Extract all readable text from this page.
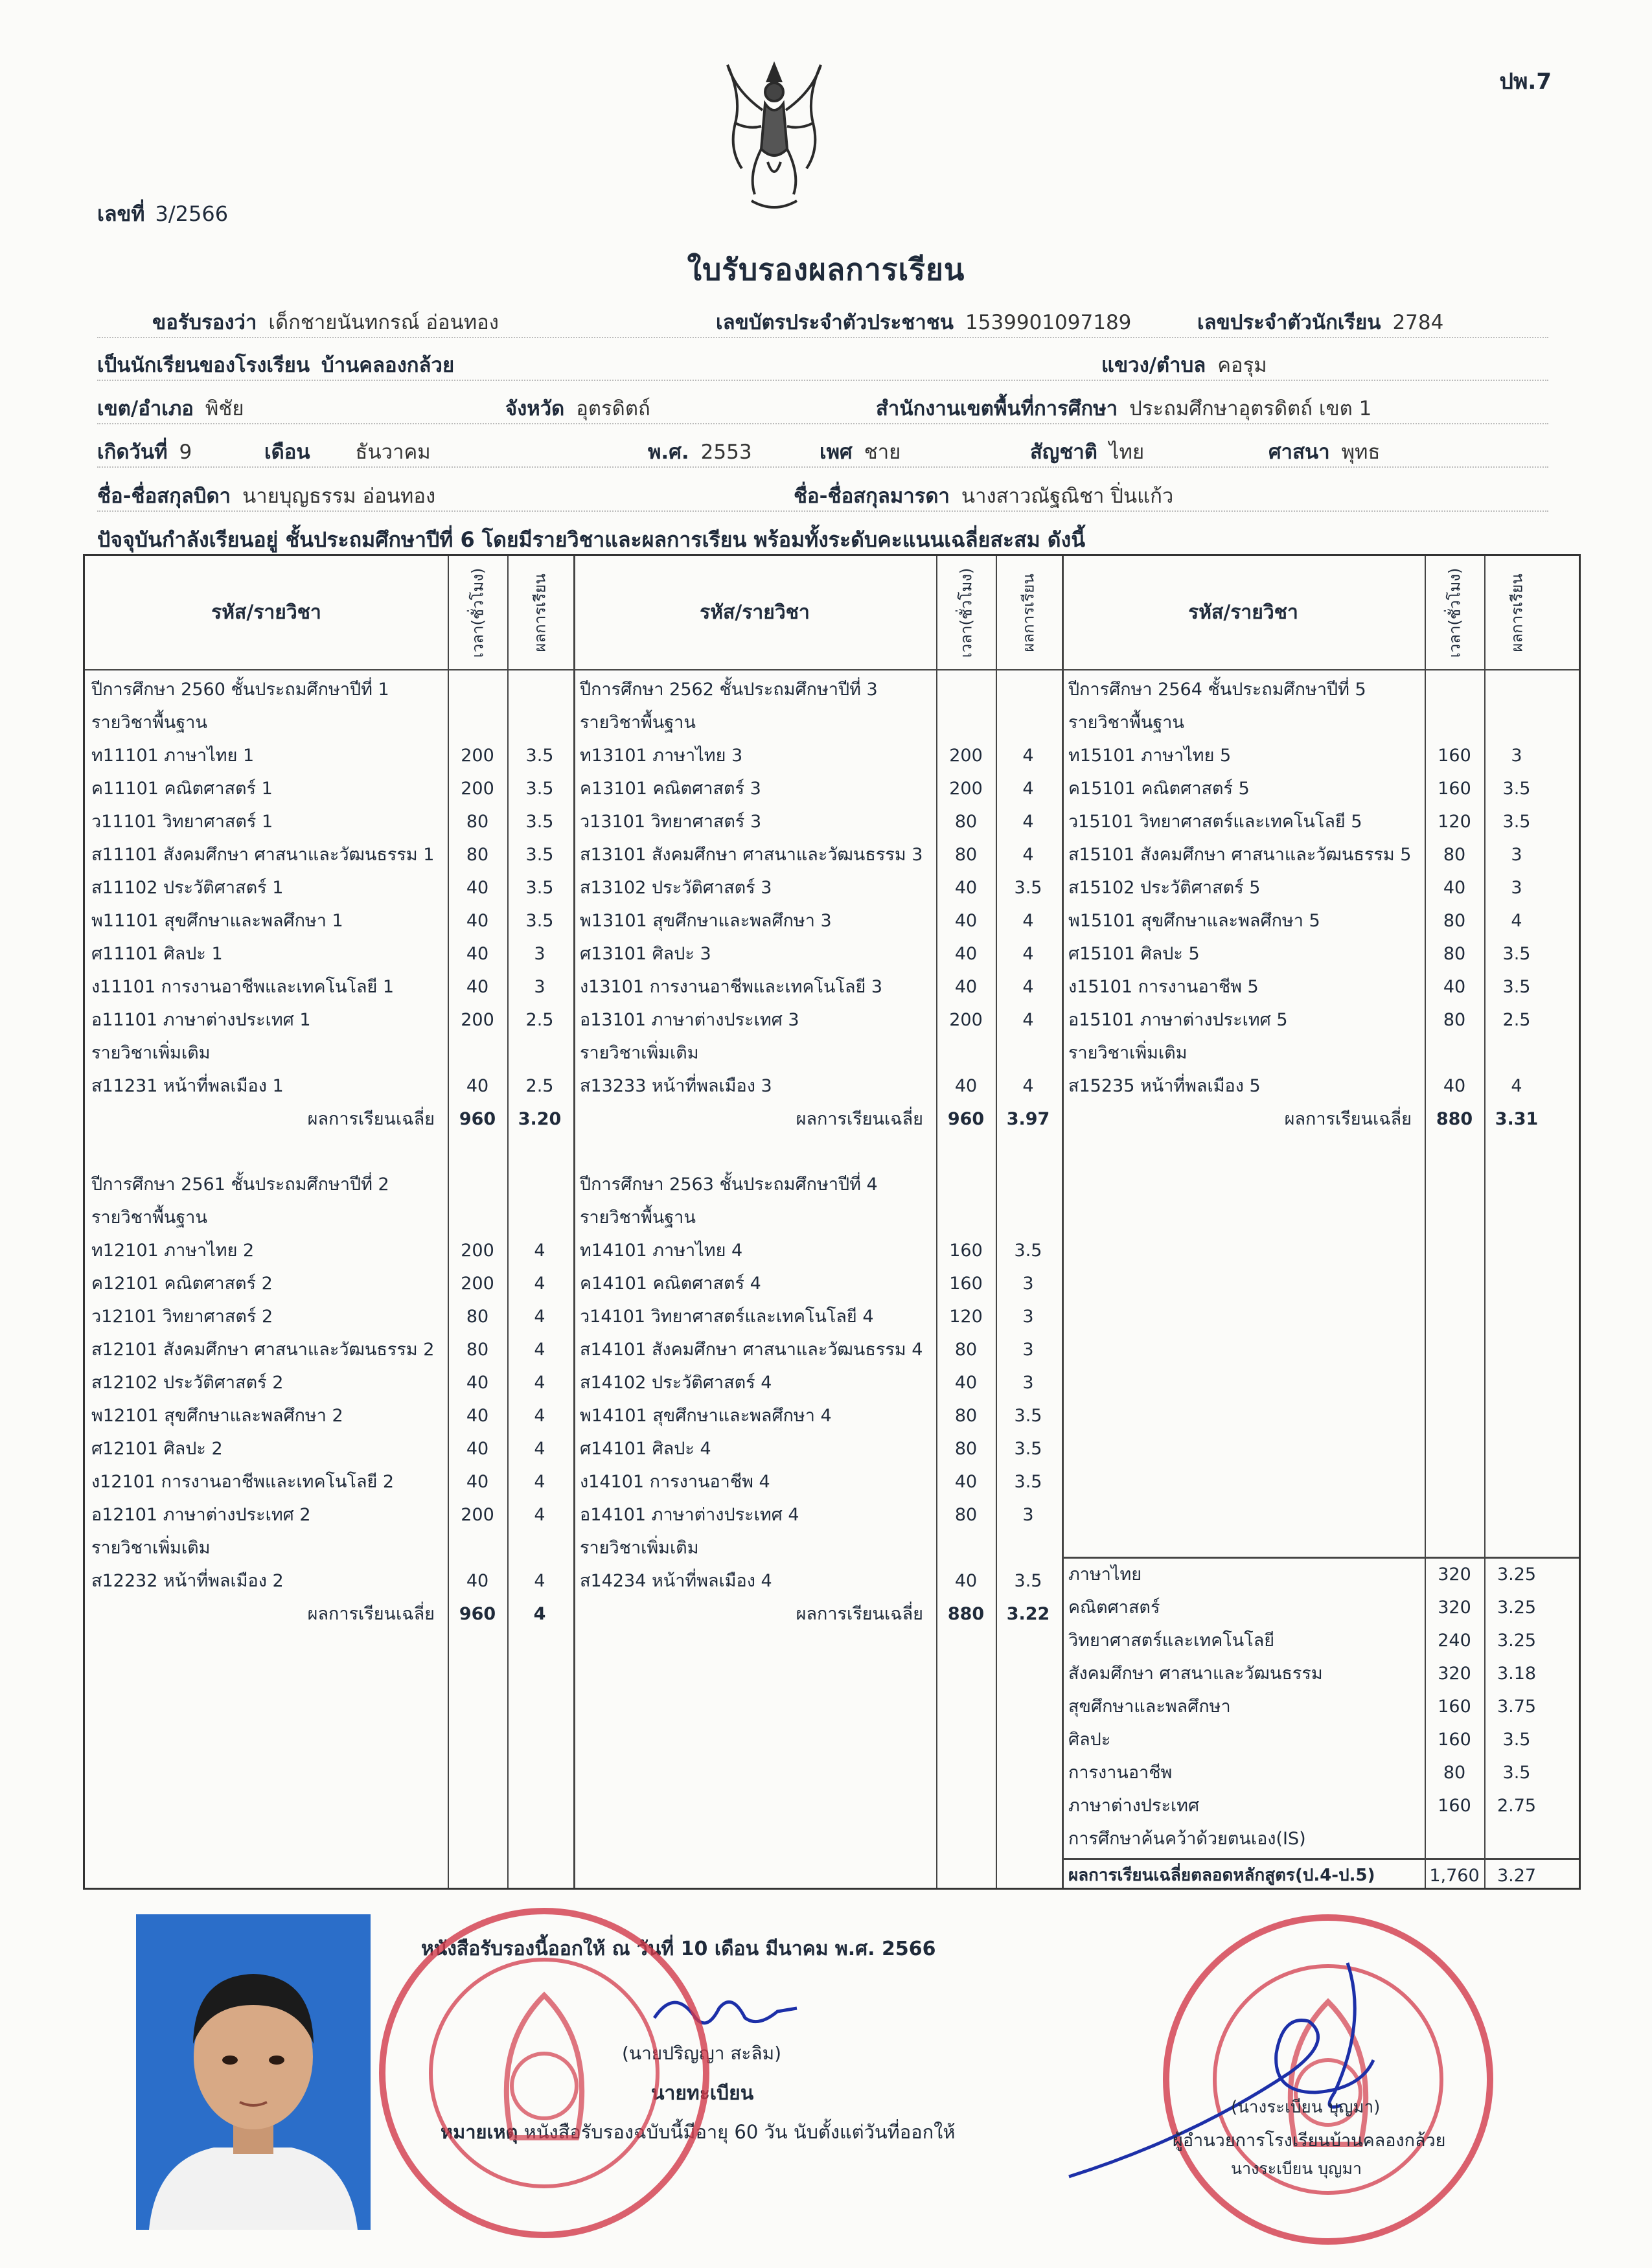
ปพ.7
เลขที่ 3/2566
ใบรับรองผลการเรียน
ขอรับรองว่า เด็กชายนันทกรณ์ อ่อนทอง	เลขบัตรประจำตัวประชาชน 1539901097189	เลขประจำตัวนักเรียน 2784
เป็นนักเรียนของโรงเรียน บ้านคลองกล้วย	แขวง/ตำบล คอรุม
เขต/อำเภอ พิชัย	จังหวัด อุตรดิตถ์	สำนักงานเขตพื้นที่การศึกษา ประถมศึกษาอุตรดิตถ์ เขต 1
เกิดวันที่ 9	เดือน ธันวาคม	พ.ศ. 2553	เพศ ชาย	สัญชาติ ไทย	ศาสนา พุทธ
ชื่อ-ชื่อสกุลบิดา นายบุญธรรม อ่อนทอง	ชื่อ-ชื่อสกุลมารดา นางสาวณัฐณิชา ปิ่นแก้ว
ปัจจุบันกำลังเรียนอยู่ ชั้นประถมศึกษาปีที่ 6 โดยมีรายวิชาและผลการเรียน พร้อมทั้งระดับคะแนนเฉลี่ยสะสม ดังนี้
รหัส/รายวิชา	เวลา(ชั่วโมง)	ผลการเรียน
ปีการศึกษา 2560 ชั้นประถมศึกษาปีที่ 1
รายวิชาพื้นฐาน
ท11101 ภาษาไทย 1	200	3.5
ค11101 คณิตศาสตร์ 1	200	3.5
ว11101 วิทยาศาสตร์ 1	80	3.5
ส11101 สังคมศึกษา ศาสนาและวัฒนธรรม 1	80	3.5
ส11102 ประวัติศาสตร์ 1	40	3.5
พ11101 สุขศึกษาและพลศึกษา 1	40	3.5
ศ11101 ศิลปะ 1	40	3
ง11101 การงานอาชีพและเทคโนโลยี 1	40	3
อ11101 ภาษาต่างประเทศ 1	200	2.5
รายวิชาเพิ่มเติม
ส11231 หน้าที่พลเมือง 1	40	2.5
ผลการเรียนเฉลี่ย	960	3.20
ปีการศึกษา 2561 ชั้นประถมศึกษาปีที่ 2
รายวิชาพื้นฐาน
ท12101 ภาษาไทย 2	200	4
ค12101 คณิตศาสตร์ 2	200	4
ว12101 วิทยาศาสตร์ 2	80	4
ส12101 สังคมศึกษา ศาสนาและวัฒนธรรม 2	80	4
ส12102 ประวัติศาสตร์ 2	40	4
พ12101 สุขศึกษาและพลศึกษา 2	40	4
ศ12101 ศิลปะ 2	40	4
ง12101 การงานอาชีพและเทคโนโลยี 2	40	4
อ12101 ภาษาต่างประเทศ 2	200	4
รายวิชาเพิ่มเติม
ส12232 หน้าที่พลเมือง 2	40	4
ผลการเรียนเฉลี่ย	960	4
รหัส/รายวิชา	เวลา(ชั่วโมง)	ผลการเรียน
ปีการศึกษา 2562 ชั้นประถมศึกษาปีที่ 3
รายวิชาพื้นฐาน
ท13101 ภาษาไทย 3	200	4
ค13101 คณิตศาสตร์ 3	200	4
ว13101 วิทยาศาสตร์ 3	80	4
ส13101 สังคมศึกษา ศาสนาและวัฒนธรรม 3	80	4
ส13102 ประวัติศาสตร์ 3	40	3.5
พ13101 สุขศึกษาและพลศึกษา 3	40	4
ศ13101 ศิลปะ 3	40	4
ง13101 การงานอาชีพและเทคโนโลยี 3	40	4
อ13101 ภาษาต่างประเทศ 3	200	4
รายวิชาเพิ่มเติม
ส13233 หน้าที่พลเมือง 3	40	4
ผลการเรียนเฉลี่ย	960	3.97
ปีการศึกษา 2563 ชั้นประถมศึกษาปีที่ 4
รายวิชาพื้นฐาน
ท14101 ภาษาไทย 4	160	3.5
ค14101 คณิตศาสตร์ 4	160	3
ว14101 วิทยาศาสตร์และเทคโนโลยี 4	120	3
ส14101 สังคมศึกษา ศาสนาและวัฒนธรรม 4	80	3
ส14102 ประวัติศาสตร์ 4	40	3
พ14101 สุขศึกษาและพลศึกษา 4	80	3.5
ศ14101 ศิลปะ 4	80	3.5
ง14101 การงานอาชีพ 4	40	3.5
อ14101 ภาษาต่างประเทศ 4	80	3
รายวิชาเพิ่มเติม
ส14234 หน้าที่พลเมือง 4	40	3.5
ผลการเรียนเฉลี่ย	880	3.22
รหัส/รายวิชา	เวลา(ชั่วโมง)	ผลการเรียน
ปีการศึกษา 2564 ชั้นประถมศึกษาปีที่ 5
รายวิชาพื้นฐาน
ท15101 ภาษาไทย 5	160	3
ค15101 คณิตศาสตร์ 5	160	3.5
ว15101 วิทยาศาสตร์และเทคโนโลยี 5	120	3.5
ส15101 สังคมศึกษา ศาสนาและวัฒนธรรม 5	80	3
ส15102 ประวัติศาสตร์ 5	40	3
พ15101 สุขศึกษาและพลศึกษา 5	80	4
ศ15101 ศิลปะ 5	80	3.5
ง15101 การงานอาชีพ 5	40	3.5
อ15101 ภาษาต่างประเทศ 5	80	2.5
รายวิชาเพิ่มเติม
ส15235 หน้าที่พลเมือง 5	40	4
ผลการเรียนเฉลี่ย	880	3.31
ภาษาไทย	320	3.25
คณิตศาสตร์	320	3.25
วิทยาศาสตร์และเทคโนโลยี	240	3.25
สังคมศึกษา ศาสนาและวัฒนธรรม	320	3.18
สุขศึกษาและพลศึกษา	160	3.75
ศิลปะ	160	3.5
การงานอาชีพ	80	3.5
ภาษาต่างประเทศ	160	2.75
การศึกษาค้นคว้าด้วยตนเอง(IS)
ผลการเรียนเฉลี่ยตลอดหลักสูตร(ป.4-ป.5)	1,760	3.27
หนังสือรับรองนี้ออกให้ ณ วันที่ 10 เดือน มีนาคม พ.ศ. 2566
(นายปริญญา สะลิม)
นายทะเบียน
หมายเหตุ หนังสือรับรองฉบับนี้มีอายุ 60 วัน นับตั้งแต่วันที่ออกให้
(นางระเบียน บุญมา)
ผู้อำนวยการโรงเรียนบ้านคลองกล้วย
นางระเบียน บุญมา
